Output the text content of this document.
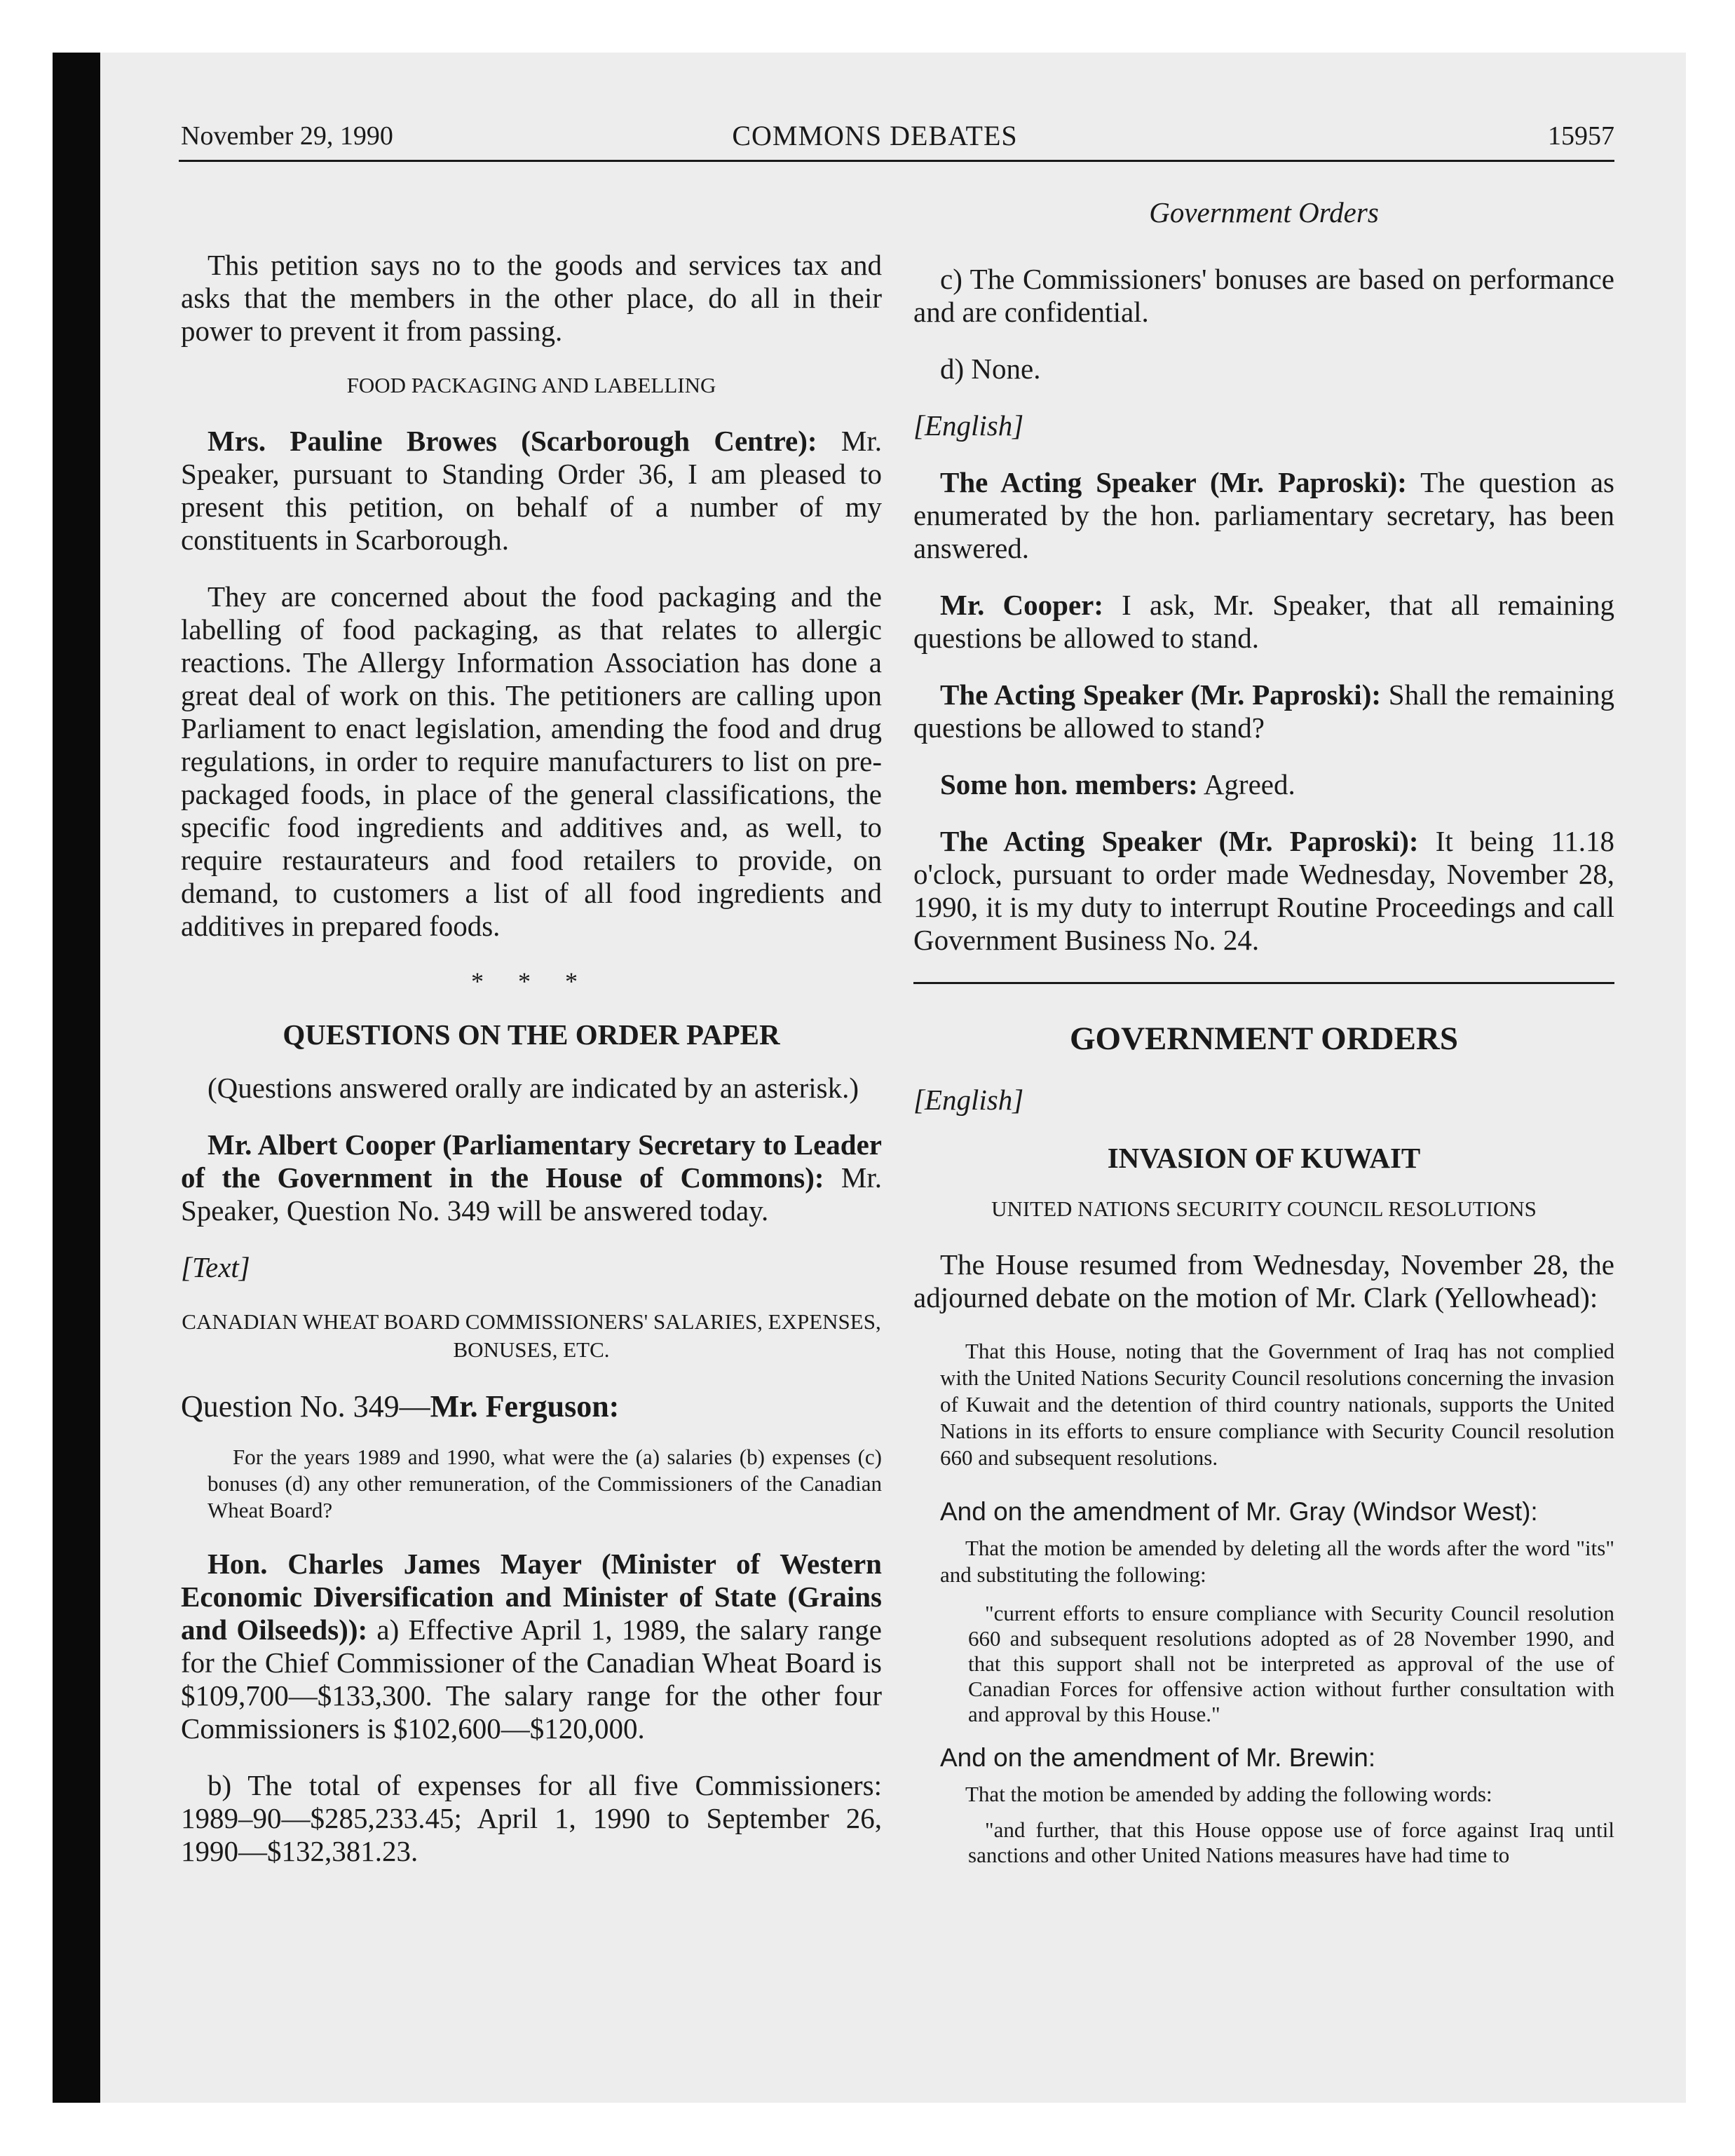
November 29, 1990	COMMONS DEBATES	15957

This petition says no to the goods and services tax and asks that the members in the other place, do all in their power to prevent it from passing.

FOOD PACKAGING AND LABELLING

Mrs. Pauline Browes (Scarborough Centre): Mr. Speaker, pursuant to Standing Order 36, I am pleased to present this petition, on behalf of a number of my constituents in Scarborough.

They are concerned about the food packaging and the labelling of food packaging, as that relates to allergic reactions. The Allergy Information Association has done a great deal of work on this. The petitioners are calling upon Parliament to enact legislation, amending the food and drug regulations, in order to require manufacturers to list on pre-packaged foods, in place of the general classifications, the specific food ingredients and additives and, as well, to require restaurateurs and food retailers to provide, on demand, to customers a list of all food ingredients and additives in prepared foods.

* * *

QUESTIONS ON THE ORDER PAPER

(Questions answered orally are indicated by an asterisk.)

Mr. Albert Cooper (Parliamentary Secretary to Leader of the Government in the House of Commons): Mr. Speaker, Question No. 349 will be answered today.

[Text]

CANADIAN WHEAT BOARD COMMISSIONERS' SALARIES, EXPENSES, BONUSES, ETC.

Question No. 349—Mr. Ferguson:

For the years 1989 and 1990, what were the (a) salaries (b) expenses (c) bonuses (d) any other remuneration, of the Commissioners of the Canadian Wheat Board?

Hon. Charles James Mayer (Minister of Western Economic Diversification and Minister of State (Grains and Oilseeds)): a) Effective April 1, 1989, the salary range for the Chief Commissioner of the Canadian Wheat Board is $109,700—$133,300. The salary range for the other four Commissioners is $102,600—$120,000.

b) The total of expenses for all five Commissioners: 1989–90—$285,233.45; April 1, 1990 to September 26, 1990—$132,381.23.

Government Orders

c) The Commissioners' bonuses are based on performance and are confidential.

d) None.

[English]

The Acting Speaker (Mr. Paproski): The question as enumerated by the hon. parliamentary secretary, has been answered.

Mr. Cooper: I ask, Mr. Speaker, that all remaining questions be allowed to stand.

The Acting Speaker (Mr. Paproski): Shall the remaining questions be allowed to stand?

Some hon. members: Agreed.

The Acting Speaker (Mr. Paproski): It being 11.18 o'clock, pursuant to order made Wednesday, November 28, 1990, it is my duty to interrupt Routine Proceedings and call Government Business No. 24.

GOVERNMENT ORDERS

[English]

INVASION OF KUWAIT

UNITED NATIONS SECURITY COUNCIL RESOLUTIONS

The House resumed from Wednesday, November 28, the adjourned debate on the motion of Mr. Clark (Yellowhead):

That this House, noting that the Government of Iraq has not complied with the United Nations Security Council resolutions concerning the invasion of Kuwait and the detention of third country nationals, supports the United Nations in its efforts to ensure compliance with Security Council resolution 660 and subsequent resolutions.

And on the amendment of Mr. Gray (Windsor West):

That the motion be amended by deleting all the words after the word "its" and substituting the following:

"current efforts to ensure compliance with Security Council resolution 660 and subsequent resolutions adopted as of 28 November 1990, and that this support shall not be interpreted as approval of the use of Canadian Forces for offensive action without further consultation with and approval by this House."

And on the amendment of Mr. Brewin:

That the motion be amended by adding the following words:

"and further, that this House oppose use of force against Iraq until sanctions and other United Nations measures have had time to
